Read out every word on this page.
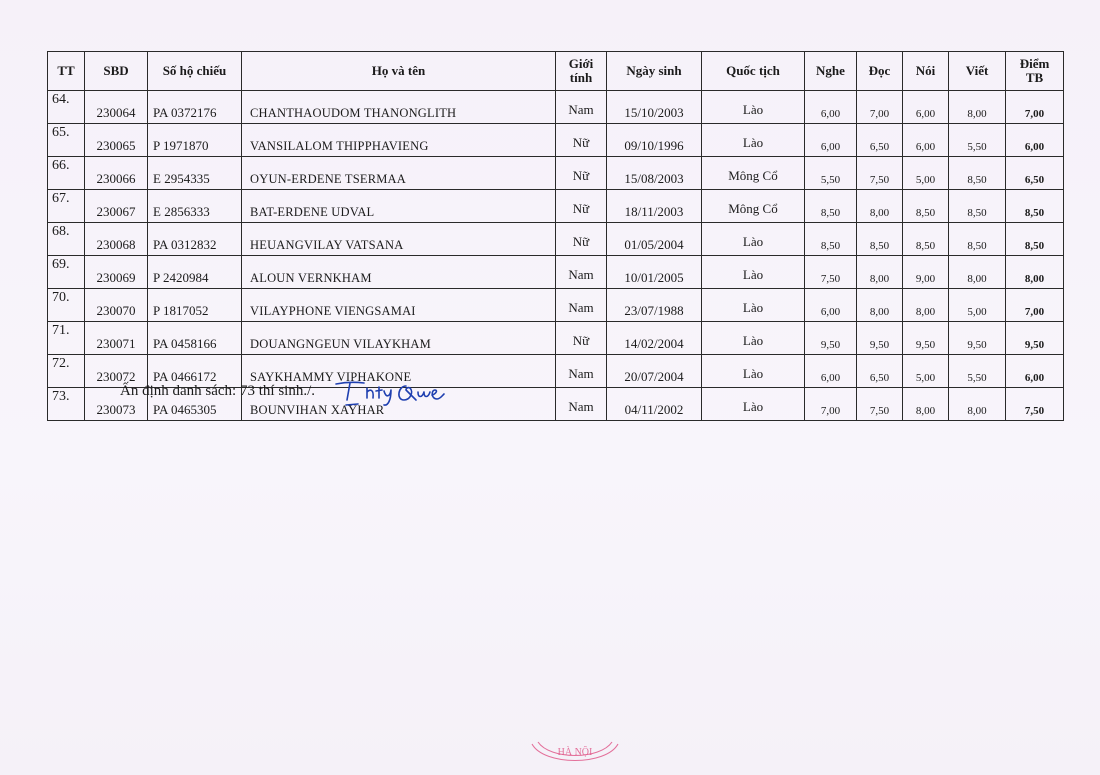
TT	SBD	Số hộ chiếu	Họ và tên	Giới
tính	Ngày sinh	Quốc tịch	Nghe	Đọc	Nói	Viết	Điểm
TB
64.	230064	PA 0372176	CHANTHAOUDOM THANONGLITH	Nam	15/10/2003	Lào	6,00	7,00	6,00	8,00	7,00
65.	230065	P 1971870	VANSILALOM THIPPHAVIENG	Nữ	09/10/1996	Lào	6,00	6,50	6,00	5,50	6,00
66.	230066	E 2954335	OYUN-ERDENE TSERMAA	Nữ	15/08/2003	Mông Cổ	5,50	7,50	5,00	8,50	6,50
67.	230067	E 2856333	BAT-ERDENE UDVAL	Nữ	18/11/2003	Mông Cổ	8,50	8,00	8,50	8,50	8,50
68.	230068	PA 0312832	HEUANGVILAY VATSANA	Nữ	01/05/2004	Lào	8,50	8,50	8,50	8,50	8,50
69.	230069	P 2420984	ALOUN VERNKHAM	Nam	10/01/2005	Lào	7,50	8,00	9,00	8,00	8,00
70.	230070	P 1817052	VILAYPHONE VIENGSAMAI	Nam	23/07/1988	Lào	6,00	8,00	8,00	5,00	7,00
71.	230071	PA 0458166	DOUANGNGEUN VILAYKHAM	Nữ	14/02/2004	Lào	9,50	9,50	9,50	9,50	9,50
72.	230072	PA 0466172	SAYKHAMMY VIPHAKONE	Nam	20/07/2004	Lào	6,00	6,50	5,00	5,50	6,00
73.	230073	PA 0465305	BOUNVIHAN XAYHAR	Nam	04/11/2002	Lào	7,00	7,50	8,00	8,00	7,50
Ấn định danh sách: 73 thí sinh./.
HÀ NỘI
